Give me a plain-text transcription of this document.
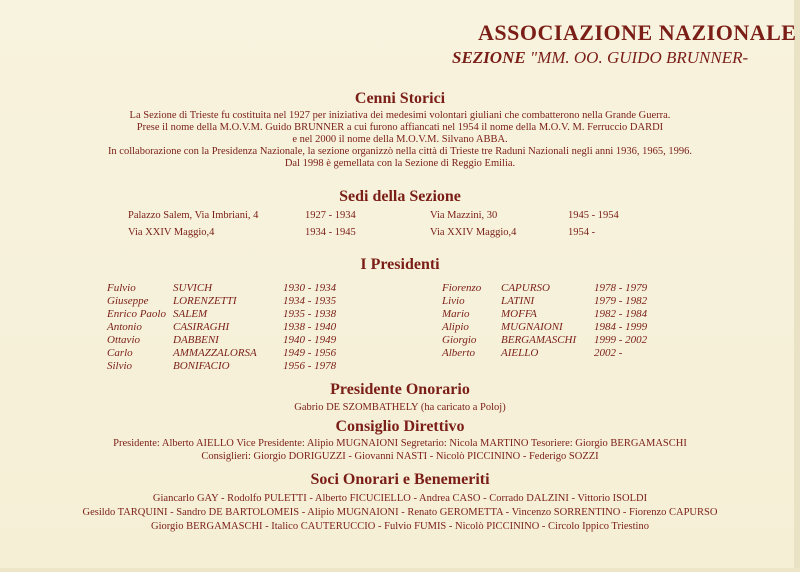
ASSOCIAZIONE NAZIONALE
SEZIONE "MM. OO. GUIDO BRUNNER-
Cenni Storici
La Sezione di Trieste fu costituita nel 1927 per iniziativa dei medesimi volontari giuliani che combatterono nella Grande Guerra.
Prese il nome della M.O.V.M. Guido BRUNNER a cui furono affiancati nel 1954 il nome della M.O.V. M. Ferruccio DARDI
e nel 2000 il nome della M.O.V.M. Silvano ABBA.
In collaborazione con la Presidenza Nazionale, la sezione organizzò nella città di Trieste tre Raduni Nazionali negli anni 1936, 1965, 1996.
Dal 1998 è gemellata con la Sezione di Reggio Emilia.
Sedi della Sezione
Palazzo Salem, Via Imbriani, 4	1927 - 1934
Via XXIV Maggio,4	1934 - 1945
Via Mazzini, 30	1945 - 1954
Via XXIV Maggio,4	1954 -
I Presidenti
Fulvio	SUVICH	1930 - 1934
Giuseppe LORENZETTI	1934 - 1935
Enrico Paolo SALEM	1935 - 1938
Antonio	CASIRAGHI	1938 - 1940
Ottavio	DABBENI	1940 - 1949
Carlo	AMMAZZALORSA 1949 - 1956
Silvio	BONIFACIO	1956 - 1978
Fiorenzo CAPURSO	1978 - 1979
Livio	LATINI	1979 - 1982
Mario	MOFFA	1982 - 1984
Alipio	MUGNAIONI	1984 - 1999
Giorgio BERGAMASCHI 1999 - 2002
Alberto AIELLO	2002 -
Presidente Onorario
Gabrio DE SZOMBATHELY (ha caricato a Poloj)
Consiglio Direttivo
Presidente: Alberto AIELLO Vice Presidente: Alipio MUGNAIONI Segretario: Nicola MARTINO Tesoriere: Giorgio BERGAMASCHI
Consiglieri: Giorgio DORIGUZZI - Giovanni NASTI - Nicolò PICCININO - Federigo SOZZI
Soci Onorari e Benemeriti
Giancarlo GAY - Rodolfo PULETTI - Alberto FICUCIELLO - Andrea CASO - Corrado DALZINI - Vittorio ISOLDI
Gesildo TARQUINI - Sandro DE BARTOLOMEIS - Alipio MUGNAIONI - Renato GEROMETTA - Vincenzo SORRENTINO - Fiorenzo CAPURSO
Giorgio BERGAMASCHI - Italico CAUTERUCCIO - Fulvio FUMIS - Nicolò PICCININO - Circolo Ippico Triestino
